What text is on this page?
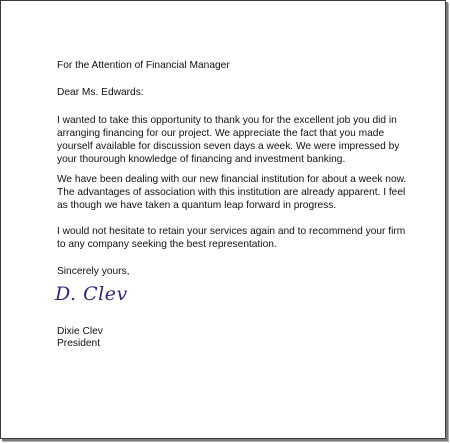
For the Attention of Financial Manager

Dear Ms. Edwards:

I wanted to take this opportunity to thank you for the excellent job you did in arranging financing for our project. We appreciate the fact that you made yourself available for discussion seven days a week. We were impressed by your thourough knowledge of financing and investment banking.

We have been dealing with our new financial institution for about a week now. The advantages of association with this institution are already apparent. I feel as though we have taken a quantum leap forward in progress.

I would not hesitate to retain your services again and to recommend your firm to any company seeking the best representation.

Sincerely yours,

D. Clev

Dixie Clev

President
